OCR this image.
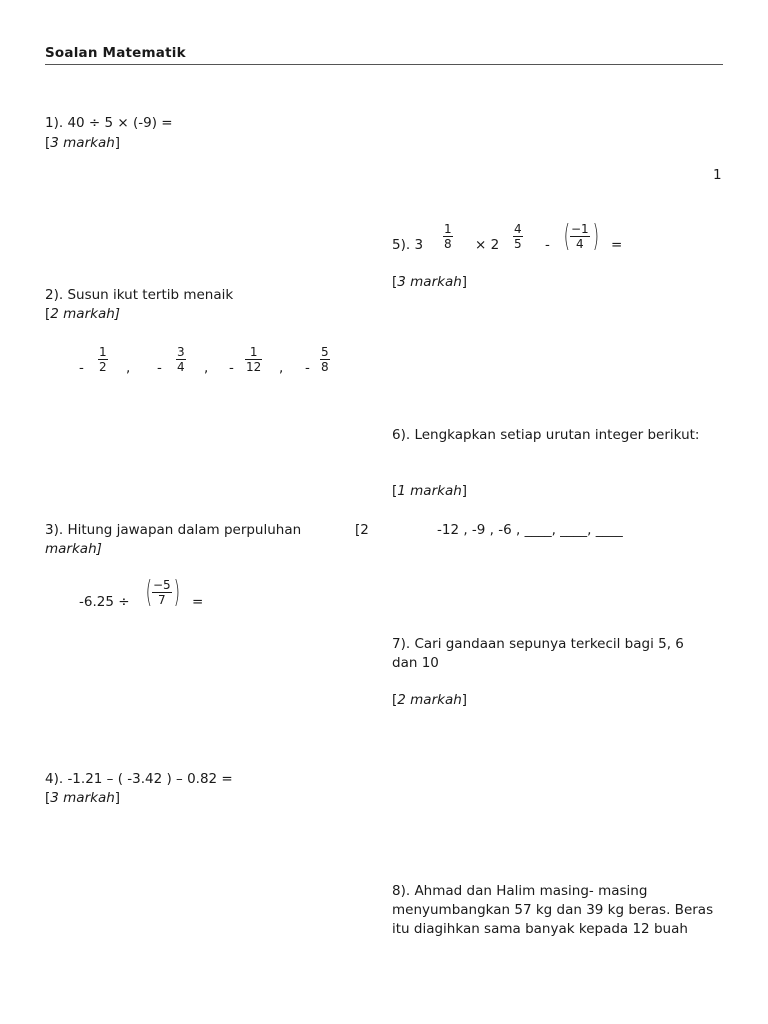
Soalan Matematik
1
1). 40 ÷ 5 × (-9) =
[3 markah]
2). Susun ikut tertib menaik
[2 markah]
- $\frac{1}{2}$ , - $\frac{3}{4}$ , - $\frac{1}{12}$ , - $\frac{5}{8}$
3). Hitung jawapan dalam perpuluhan	[2
markah]
-6.25 ÷ ( $\frac{-5}{7}$ ) =
4). -1.21 – ( -3.42 ) – 0.82 =
[3 markah]
5). $3 \frac{1}{8} \times 2 \frac{4}{5}$ - ( $\frac{-1}{4}$ ) =
[3 markah]
6). Lengkapkan setiap urutan integer berikut:
[1 markah]
-12 , -9 , -6 , ____, ____, ____
7). Cari gandaan sepunya terkecil bagi 5, 6 dan 10
[2 markah]
8). Ahmad dan Halim masing- masing menyumbangkan 57 kg dan 39 kg beras. Beras itu diagihkan sama banyak kepada 12 buah
